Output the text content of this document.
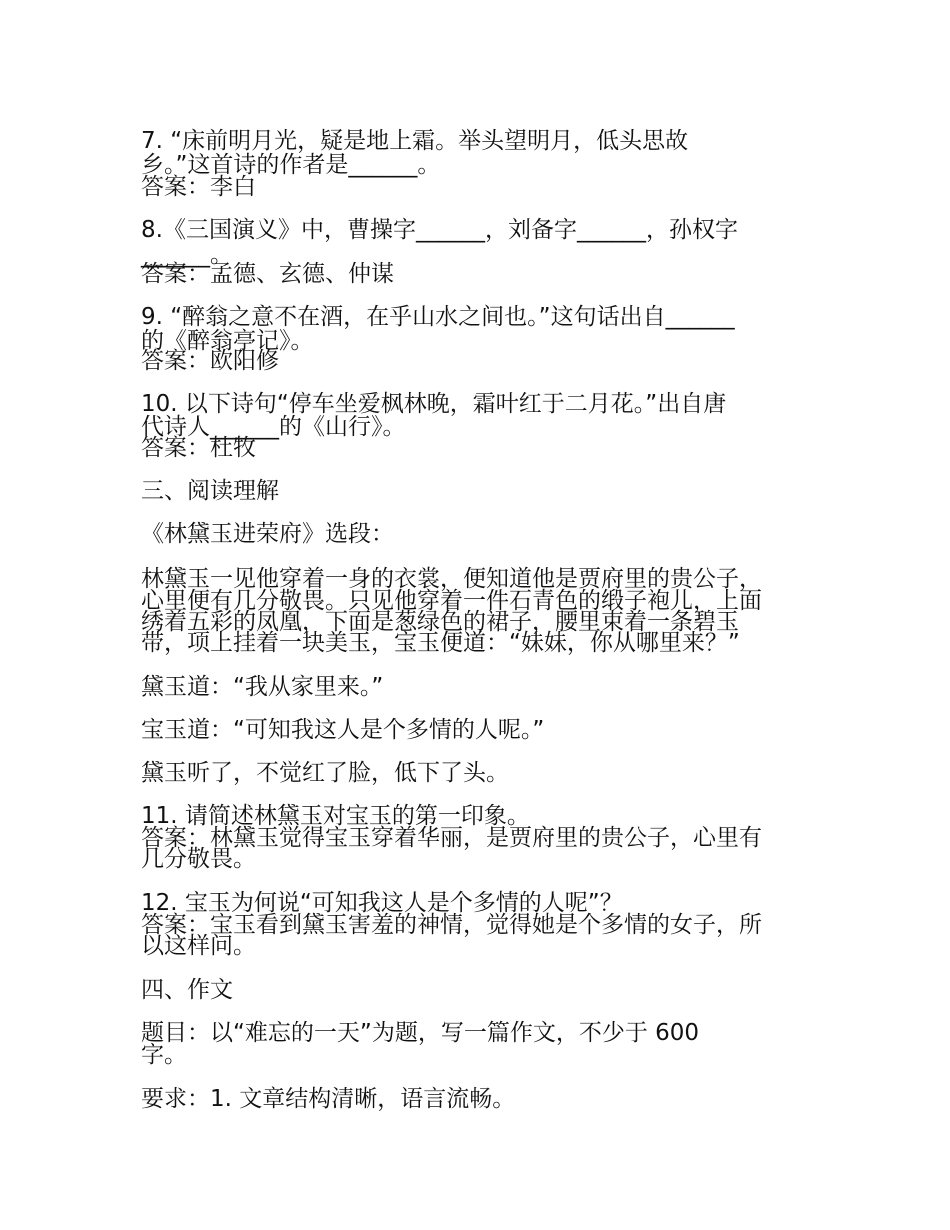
7. “床前明月光，疑是地上霜。举头望明月，低头思故

乡。”这首诗的作者是______。

答案：李白

8.《三国演义》中，曹操字______，刘备字______，孙权字

______。

答案：孟德、玄德、仲谋

9. “醉翁之意不在酒，在乎山水之间也。”这句话出自______

的《醉翁亭记》。

答案：欧阳修

10. 以下诗句“停车坐爱枫林晚，霜叶红于二月花。”出自唐

代诗人______的《山行》。

答案：杜牧

三、阅读理解

《林黛玉进荣府》选段：

林黛玉一见他穿着一身的衣裳，便知道他是贾府里的贵公子，

心里便有几分敬畏。只见他穿着一件石青色的缎子袍儿，上面

绣着五彩的凤凰，下面是葱绿色的裙子，腰里束着一条碧玉

带，项上挂着一块美玉，宝玉便道：“妹妹，你从哪里来？”

黛玉道：“我从家里来。”

宝玉道：“可知我这人是个多情的人呢。”

黛玉听了，不觉红了脸，低下了头。

11. 请简述林黛玉对宝玉的第一印象。

答案：林黛玉觉得宝玉穿着华丽，是贾府里的贵公子，心里有

几分敬畏。

12. 宝玉为何说“可知我这人是个多情的人呢”？

答案：宝玉看到黛玉害羞的神情，觉得她是个多情的女子，所

以这样问。

四、作文

题目：以“难忘的一天”为题，写一篇作文，不少于 600

字。

要求：1. 文章结构清晰，语言流畅。
